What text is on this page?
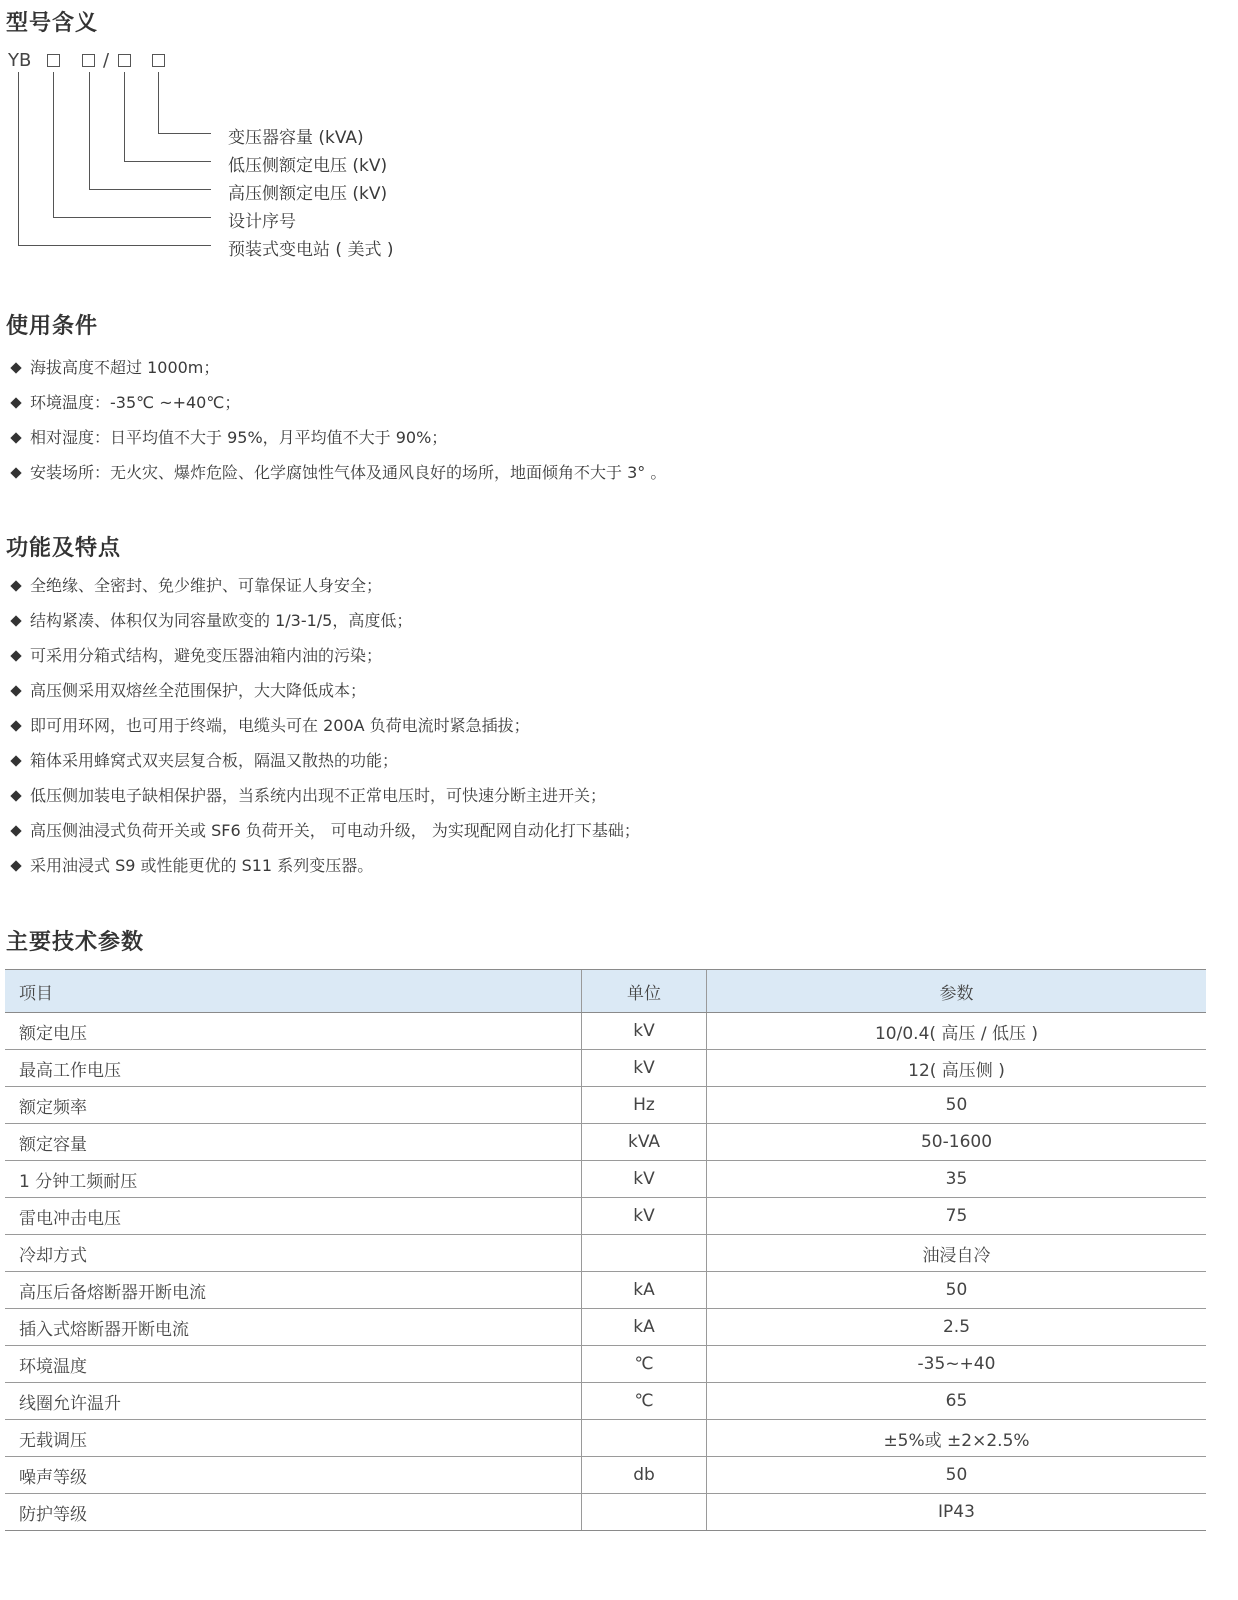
型号含义
YB	/
变压器容量 (kVA)
低压侧额定电压 (kV)
高压侧额定电压 (kV)
设计序号
预装式变电站 ( 美式 )
使用条件
海拔高度不超过 1000m；
环境温度：-35℃ ~+40℃；
相对湿度：日平均值不大于 95%，月平均值不大于 90%；
安装场所：无火灾、爆炸危险、化学腐蚀性气体及通风良好的场所，地面倾角不大于 3° 。
功能及特点
全绝缘、全密封、免少维护、可靠保证人身安全；
结构紧凑、体积仅为同容量欧变的 1/3-1/5，高度低；
可采用分箱式结构，避免变压器油箱内油的污染；
高压侧采用双熔丝全范围保护，大大降低成本；
即可用环网，也可用于终端，电缆头可在 200A 负荷电流时紧急插拔；
箱体采用蜂窝式双夹层复合板，隔温又散热的功能；
低压侧加装电子缺相保护器，当系统内出现不正常电压时，可快速分断主进开关；
高压侧油浸式负荷开关或 SF6 负荷开关， 可电动升级， 为实现配网自动化打下基础；
采用油浸式 S9 或性能更优的 S11 系列变压器。
主要技术参数
项目	单位	参数
额定电压	kV	10/0.4( 高压 / 低压 )
最高工作电压	kV	12( 高压侧 )
额定频率	Hz	50
额定容量	kVA	50-1600
1 分钟工频耐压	kV	35
雷电冲击电压	kV	75
冷却方式		油浸自冷
高压后备熔断器开断电流	kA	50
插入式熔断器开断电流	kA	2.5
环境温度	℃	-35~+40
线圈允许温升	℃	65
无载调压		±5%或 ±2×2.5%
噪声等级	db	50
防护等级		IP43
